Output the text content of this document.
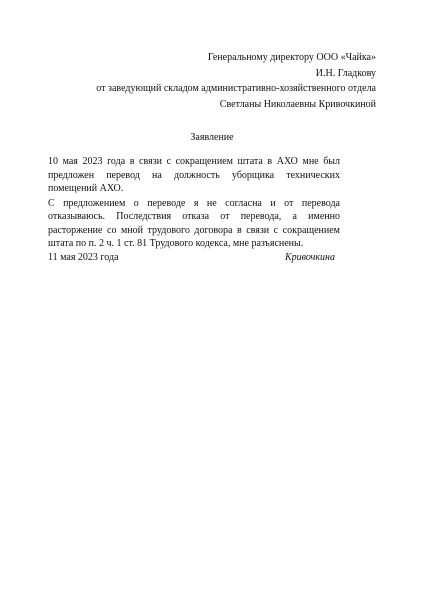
Генеральному директору ООО «Чайка»
И.Н. Гладкову
от заведующий складом административно-хозяйственного отдела
Светланы Николаевны Кривочкиной
Заявление

10 мая 2023 года в связи с сокращением штата в АХО мне был предложен перевод на должность уборщика технических помещений АХО.

С предложением о переводе я не согласна и от перевода отказываюсь. Последствия отказа от перевода, а именно расторжение со мной трудового договора в связи с сокращением штата по п. 2 ч. 1 ст. 81 Трудового кодекса, мне разъяснены.

11 мая 2023 года	Кривочкина
